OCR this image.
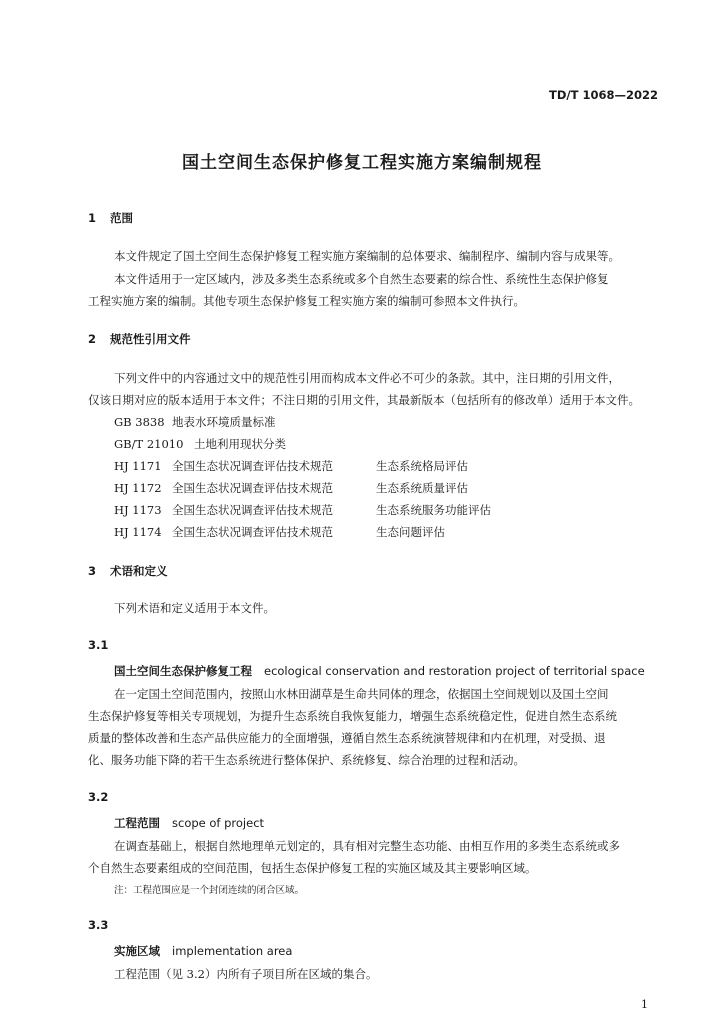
TD/T 1068—2022
国土空间生态保护修复工程实施方案编制规程
1 范围
本文件规定了国土空间生态保护修复工程实施方案编制的总体要求、编制程序、编制内容与成果等。
本文件适用于一定区域内，涉及多类生态系统或多个自然生态要素的综合性、系统性生态保护修复
工程实施方案的编制。其他专项生态保护修复工程实施方案的编制可参照本文件执行。
2 规范性引用文件
下列文件中的内容通过文中的规范性引用而构成本文件必不可少的条款。其中，注日期的引用文件，
仅该日期对应的版本适用于本文件；不注日期的引用文件，其最新版本（包括所有的修改单）适用于本文件。
GB 3838 地表水环境质量标准
GB/T 21010 土地利用现状分类
HJ 1171 全国生态状况调查评估技术规范	生态系统格局评估
HJ 1172 全国生态状况调查评估技术规范	生态系统质量评估
HJ 1173 全国生态状况调查评估技术规范	生态系统服务功能评估
HJ 1174 全国生态状况调查评估技术规范	生态问题评估
3 术语和定义
下列术语和定义适用于本文件。
3.1
国土空间生态保护修复工程 ecological conservation and restoration project of territorial space
在一定国土空间范围内，按照山水林田湖草是生命共同体的理念，依据国土空间规划以及国土空间
生态保护修复等相关专项规划，为提升生态系统自我恢复能力，增强生态系统稳定性，促进自然生态系统
质量的整体改善和生态产品供应能力的全面增强，遵循自然生态系统演替规律和内在机理，对受损、退
化、服务功能下降的若干生态系统进行整体保护、系统修复、综合治理的过程和活动。
3.2
工程范围 scope of project
在调查基础上，根据自然地理单元划定的，具有相对完整生态功能、由相互作用的多类生态系统或多
个自然生态要素组成的空间范围，包括生态保护修复工程的实施区域及其主要影响区域。
注：工程范围应是一个封闭连续的闭合区域。
3.3
实施区域 implementation area
工程范围（见 3.2）内所有子项目所在区域的集合。
1
